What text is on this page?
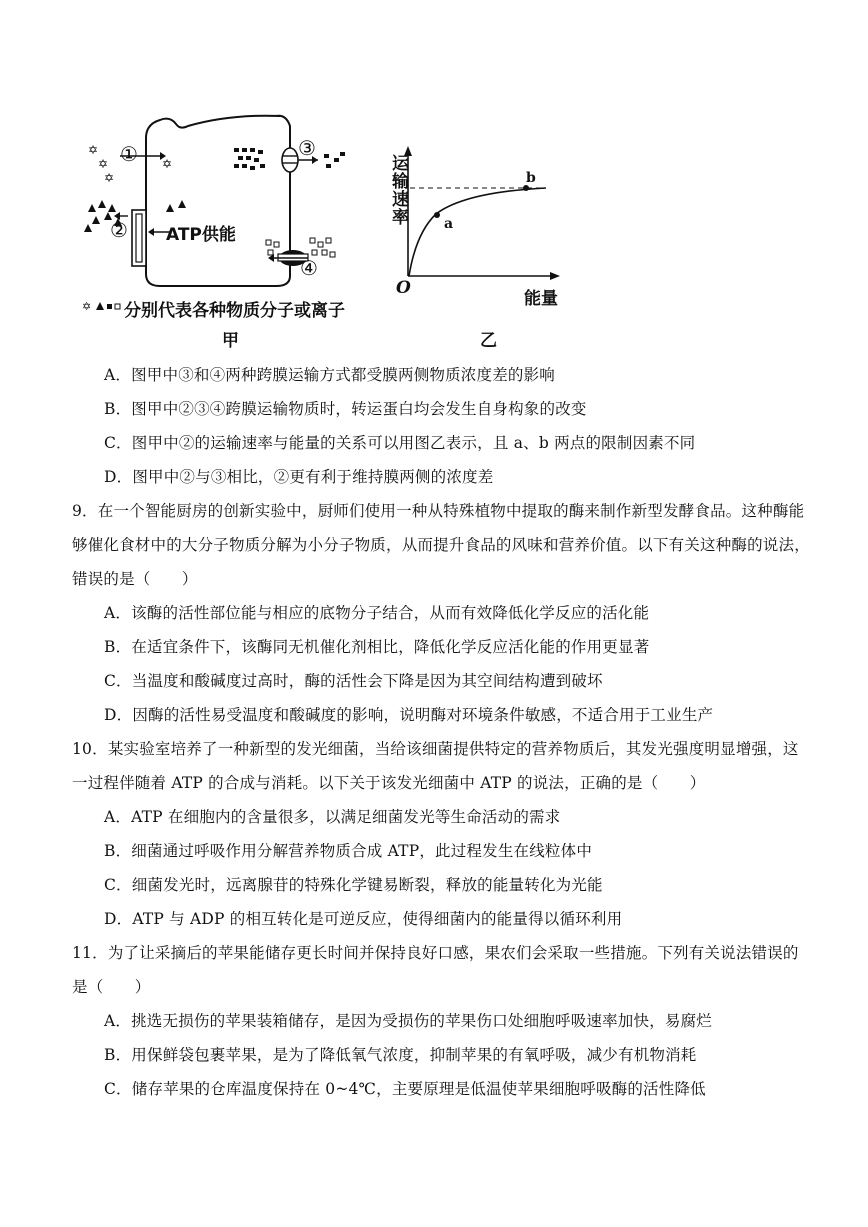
✡
✡
✡
✡
✡
①
②
③
④
ATP供能
分别代表各种物质分子或离子
甲
运输速率
能量
O
a
b
乙
A．图甲中③和④两种跨膜运输方式都受膜两侧物质浓度差的影响
B．图甲中②③④跨膜运输物质时，转运蛋白均会发生自身构象的改变
C．图甲中②的运输速率与能量的关系可以用图乙表示，且 a、b 两点的限制因素不同
D．图甲中②与③相比，②更有利于维持膜两侧的浓度差
9．在一个智能厨房的创新实验中，厨师们使用一种从特殊植物中提取的酶来制作新型发酵食品。这种酶能
够催化食材中的大分子物质分解为小分子物质，从而提升食品的风味和营养价值。以下有关这种酶的说法，
错误的是（　　）
A．该酶的活性部位能与相应的底物分子结合，从而有效降低化学反应的活化能
B．在适宜条件下，该酶同无机催化剂相比，降低化学反应活化能的作用更显著
C．当温度和酸碱度过高时，酶的活性会下降是因为其空间结构遭到破坏
D．因酶的活性易受温度和酸碱度的影响，说明酶对环境条件敏感，不适合用于工业生产
10．某实验室培养了一种新型的发光细菌，当给该细菌提供特定的营养物质后，其发光强度明显增强，这
一过程伴随着 ATP 的合成与消耗。以下关于该发光细菌中 ATP 的说法，正确的是（　　）
A．ATP 在细胞内的含量很多，以满足细菌发光等生命活动的需求
B．细菌通过呼吸作用分解营养物质合成 ATP，此过程发生在线粒体中
C．细菌发光时，远离腺苷的特殊化学键易断裂，释放的能量转化为光能
D．ATP 与 ADP 的相互转化是可逆反应，使得细菌内的能量得以循环利用
11．为了让采摘后的苹果能储存更长时间并保持良好口感，果农们会采取一些措施。下列有关说法错误的
是（　　）
A．挑选无损伤的苹果装箱储存，是因为受损伤的苹果伤口处细胞呼吸速率加快，易腐烂
B．用保鲜袋包裹苹果，是为了降低氧气浓度，抑制苹果的有氧呼吸，减少有机物消耗
C．储存苹果的仓库温度保持在 0~4℃，主要原理是低温使苹果细胞呼吸酶的活性降低
